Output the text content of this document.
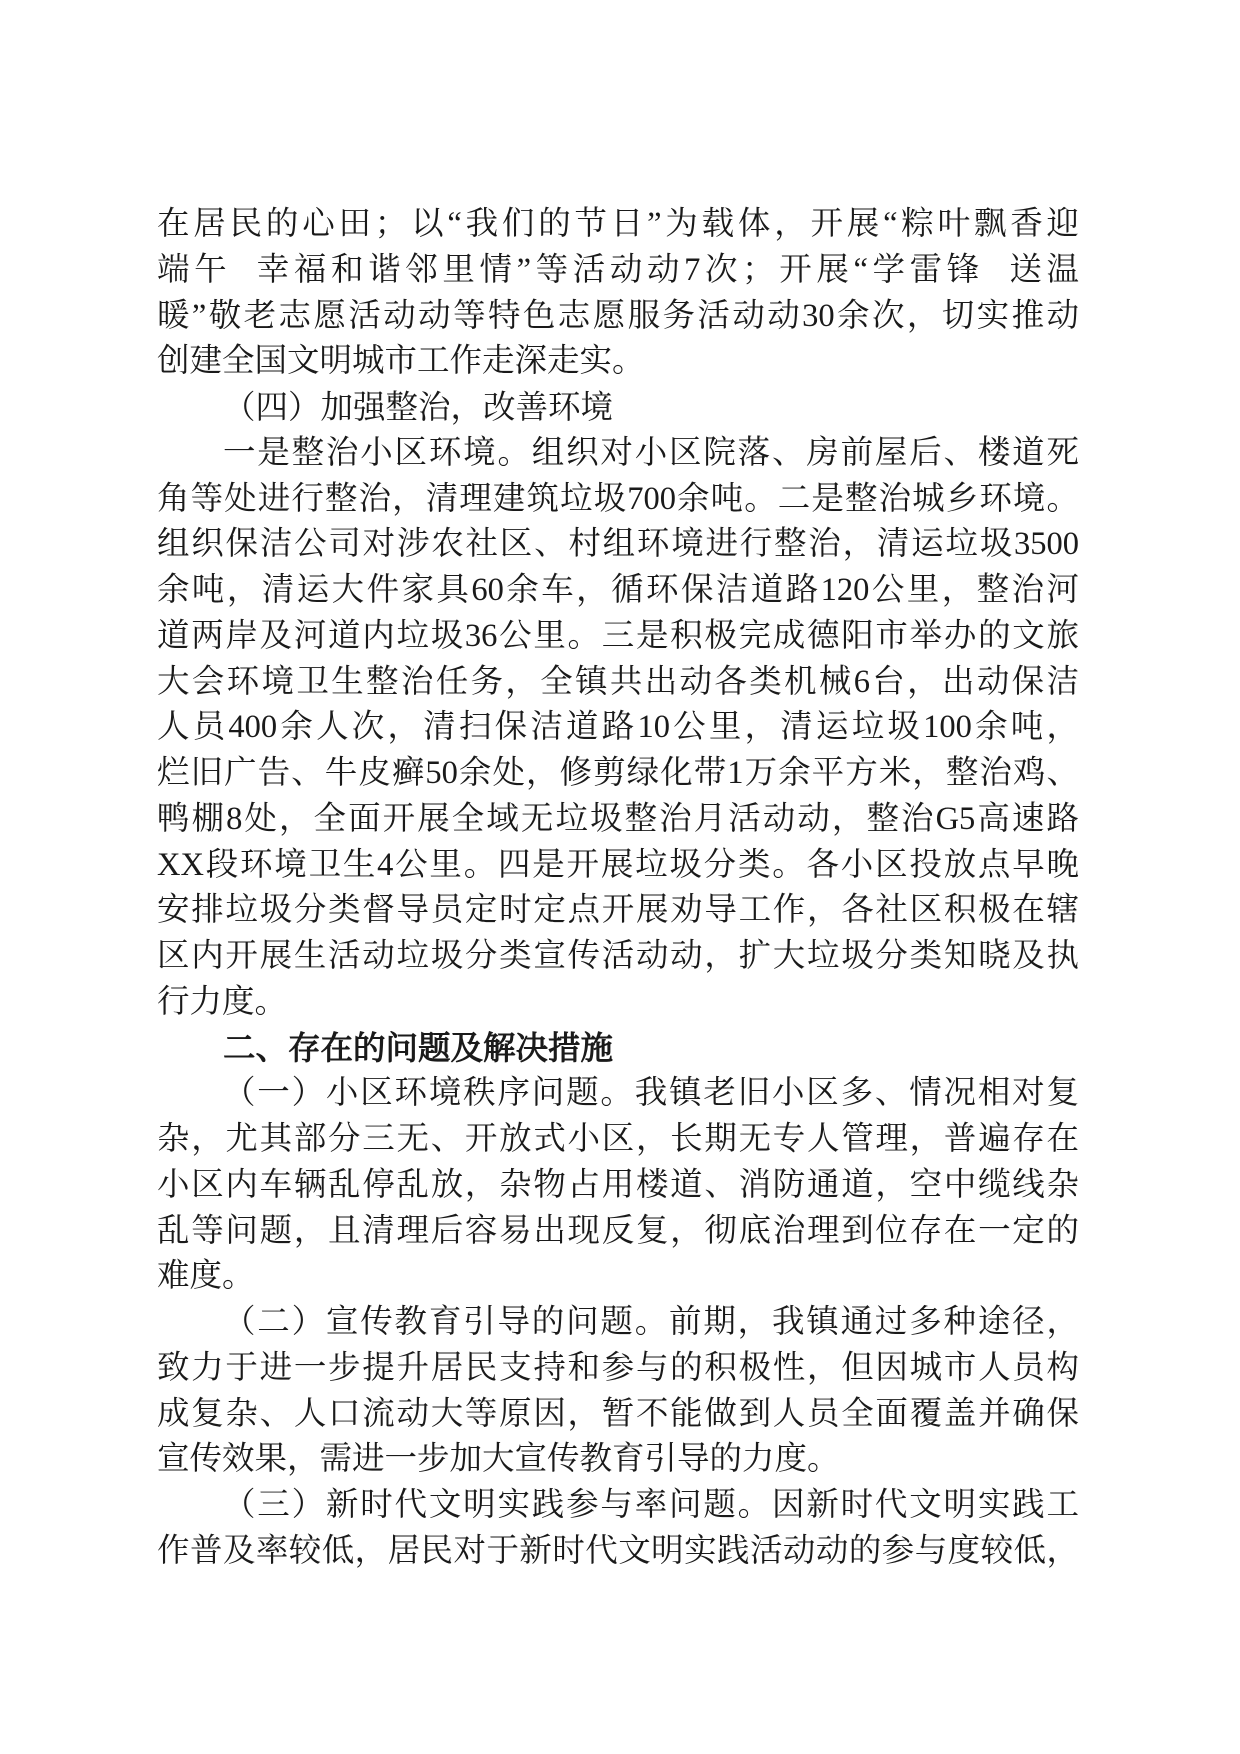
在居民的心田；以“我们的节日”为载体，开展“粽叶飘香迎
端午  幸福和谐邻里情”等活动动7次；开展“学雷锋  送温
暖”敬老志愿活动动等特色志愿服务活动动30余次，切实推动
创建全国文明城市工作走深走实。
（四）加强整治，改善环境
一是整治小区环境。组织对小区院落、房前屋后、楼道死
角等处进行整治，清理建筑垃圾700余吨。二是整治城乡环境。
组织保洁公司对涉农社区、村组环境进行整治，清运垃圾3500
余吨，清运大件家具60余车，循环保洁道路120公里，整治河
道两岸及河道内垃圾36公里。三是积极完成德阳市举办的文旅
大会环境卫生整治任务，全镇共出动各类机械6台，出动保洁
人员400余人次，清扫保洁道路10公里，清运垃圾100余吨，
烂旧广告、牛皮癣50余处，修剪绿化带1万余平方米，整治鸡、
鸭棚8处，全面开展全域无垃圾整治月活动动，整治G5高速路
XX段环境卫生4公里。四是开展垃圾分类。各小区投放点早晚
安排垃圾分类督导员定时定点开展劝导工作，各社区积极在辖
区内开展生活动垃圾分类宣传活动动，扩大垃圾分类知晓及执
行力度。
二、存在的问题及解决措施
（一）小区环境秩序问题。我镇老旧小区多、情况相对复
杂，尤其部分三无、开放式小区，长期无专人管理，普遍存在
小区内车辆乱停乱放，杂物占用楼道、消防通道，空中缆线杂
乱等问题，且清理后容易出现反复，彻底治理到位存在一定的
难度。
（二）宣传教育引导的问题。前期，我镇通过多种途径，
致力于进一步提升居民支持和参与的积极性，但因城市人员构
成复杂、人口流动大等原因，暂不能做到人员全面覆盖并确保
宣传效果，需进一步加大宣传教育引导的力度。
（三）新时代文明实践参与率问题。因新时代文明实践工
作普及率较低，居民对于新时代文明实践活动动的参与度较低，
